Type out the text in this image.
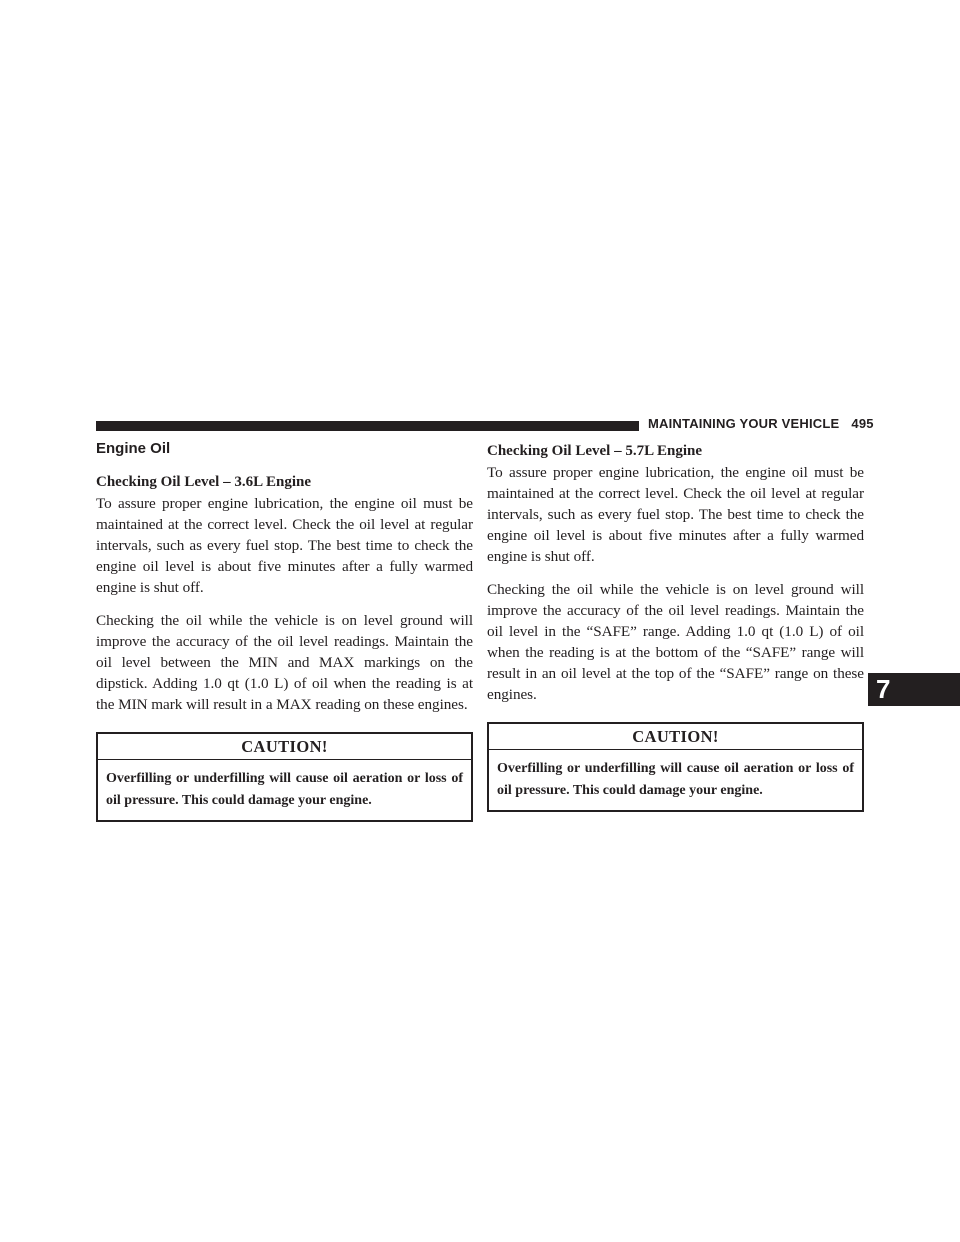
MAINTAINING YOUR VEHICLE 495
Engine Oil
Checking Oil Level – 3.6L Engine

To assure proper engine lubrication, the engine oil must be maintained at the correct level. Check the oil level at regular intervals, such as every fuel stop. The best time to check the engine oil level is about five minutes after a fully warmed engine is shut off.

Checking the oil while the vehicle is on level ground will improve the accuracy of the oil level readings. Maintain the oil level between the MIN and MAX markings on the dipstick. Adding 1.0 qt (1.0 L) of oil when the reading is at the MIN mark will result in a MAX reading on these engines.

CAUTION!
Overfilling or underfilling will cause oil aeration or loss of oil pressure. This could damage your engine.
Checking Oil Level – 5.7L Engine

To assure proper engine lubrication, the engine oil must be maintained at the correct level. Check the oil level at regular intervals, such as every fuel stop. The best time to check the engine oil level is about five minutes after a fully warmed engine is shut off.

Checking the oil while the vehicle is on level ground will improve the accuracy of the oil level readings. Maintain the oil level in the “SAFE” range. Adding 1.0 qt (1.0 L) of oil when the reading is at the bottom of the “SAFE” range will result in an oil level at the top of the “SAFE” range on these engines.

CAUTION!
Overfilling or underfilling will cause oil aeration or loss of oil pressure. This could damage your engine.
7
